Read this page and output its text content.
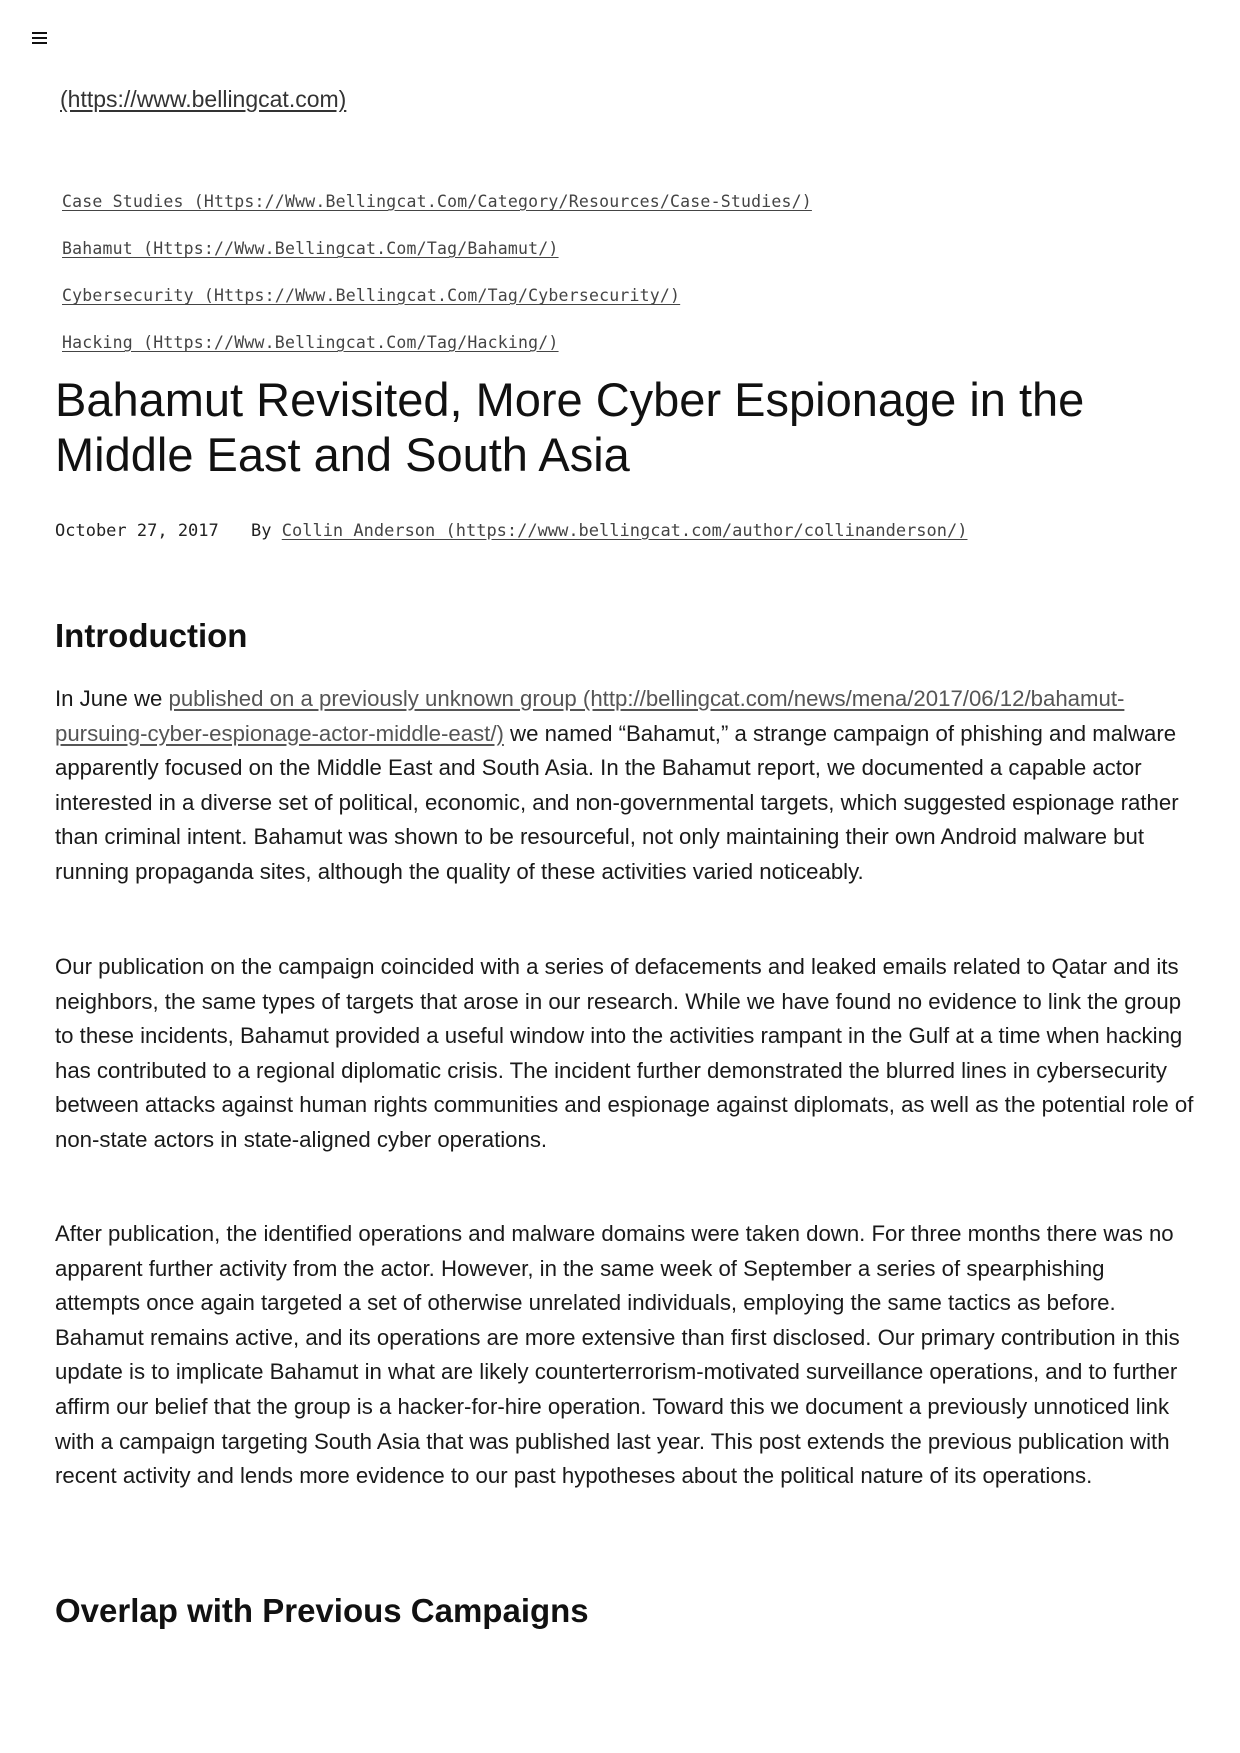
(https://www.bellingcat.com)
Case Studies (Https://Www.Bellingcat.Com/Category/Resources/Case-Studies/)
Bahamut (Https://Www.Bellingcat.Com/Tag/Bahamut/)
Cybersecurity (Https://Www.Bellingcat.Com/Tag/Cybersecurity/)
Hacking (Https://Www.Bellingcat.Com/Tag/Hacking/)
Bahamut Revisited, More Cyber Espionage in the Middle East and South Asia
October 27, 2017 By Collin Anderson (https://www.bellingcat.com/author/collinanderson/)
Introduction

In June we published on a previously unknown group (http://bellingcat.com/news/mena/2017/06/12/bahamut-pursuing-cyber-espionage-actor-middle-east/) we named “Bahamut,” a strange campaign of phishing and malware apparently focused on the Middle East and South Asia. In the Bahamut report, we documented a capable actor interested in a diverse set of political, economic, and non-governmental targets, which suggested espionage rather than criminal intent. Bahamut was shown to be resourceful, not only maintaining their own Android malware but running propaganda sites, although the quality of these activities varied noticeably.

Our publication on the campaign coincided with a series of defacements and leaked emails related to Qatar and its neighbors, the same types of targets that arose in our research. While we have found no evidence to link the group to these incidents, Bahamut provided a useful window into the activities rampant in the Gulf at a time when hacking has contributed to a regional diplomatic crisis. The incident further demonstrated the blurred lines in cybersecurity between attacks against human rights communities and espionage against diplomats, as well as the potential role of non-state actors in state-aligned cyber operations.

After publication, the identified operations and malware domains were taken down. For three months there was no apparent further activity from the actor. However, in the same week of September a series of spearphishing attempts once again targeted a set of otherwise unrelated individuals, employing the same tactics as before. Bahamut remains active, and its operations are more extensive than first disclosed. Our primary contribution in this update is to implicate Bahamut in what are likely counterterrorism-motivated surveillance operations, and to further affirm our belief that the group is a hacker-for-hire operation. Toward this we document a previously unnoticed link with a campaign targeting South Asia that was published last year. This post extends the previous publication with recent activity and lends more evidence to our past hypotheses about the political nature of its operations.

Overlap with Previous Campaigns
